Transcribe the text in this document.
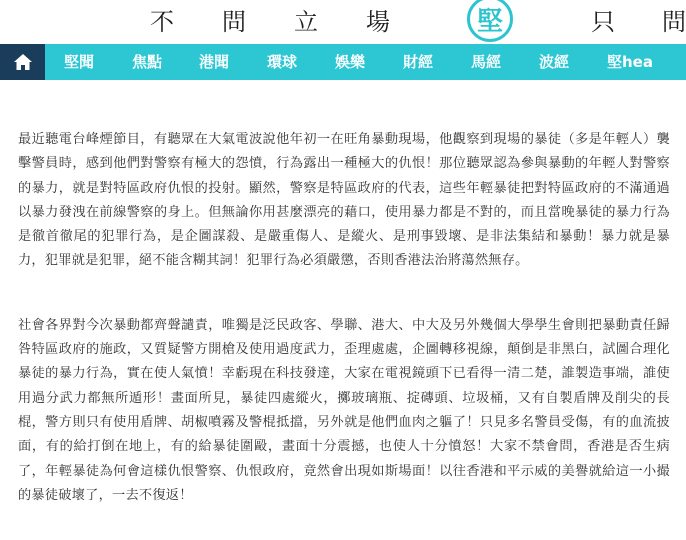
不 問 立 場	堅	只 問
堅聞	焦點 港聞	環球	娛樂	財經	馬經	波經	堅hea

最近聽電台峰煙節目，有聽眾在大氣電波說他年初一在旺角暴動現場，他觀察到現場的暴徒（多是年輕人）襲擊警員時，感到他們對警察有極大的怨憤，行為露出一種極大的仇恨！那位聽眾認為參與暴動的年輕人對警察的暴力，就是對特區政府仇恨的投射。顯然，警察是特區政府的代表，這些年輕暴徒把對特區政府的不滿通過以暴力發洩在前線警察的身上。但無論你用甚麼漂亮的藉口，使用暴力都是不對的，而且當晚暴徒的暴力行為是徹首徹尾的犯罪行為，是企圖謀殺、是嚴重傷人、是縱火、是刑事毀壞、是非法集結和暴動！暴力就是暴力，犯罪就是犯罪，絕不能含糊其詞！犯罪行為必須嚴懲，否則香港法治將蕩然無存。

社會各界對今次暴動都齊聲譴責，唯獨是泛民政客、學聯、港大、中大及另外幾個大學學生會則把暴動責任歸咎特區政府的施政，又質疑警方開槍及使用過度武力，歪理處處，企圖轉移視線，顛倒是非黑白，試圖合理化暴徒的暴力行為，實在使人氣憤！幸虧現在科技發達，大家在電視鏡頭下已看得一清二楚，誰製造事端，誰使用過分武力都無所遁形！畫面所見，暴徒四處縱火，擲玻璃瓶、掟磚頭、垃圾桶，又有自製盾牌及削尖的長棍，警方則只有使用盾牌、胡椒噴霧及警棍抵擋，另外就是他們血肉之軀了！只見多名警員受傷，有的血流披面，有的給打倒在地上，有的給暴徒圍毆，畫面十分震撼，也使人十分憤怒！大家不禁會問，香港是否生病了，年輕暴徒為何會這樣仇恨警察、仇恨政府，竟然會出現如斯場面！以往香港和平示威的美譽就給這一小撮的暴徒破壞了，一去不復返！
